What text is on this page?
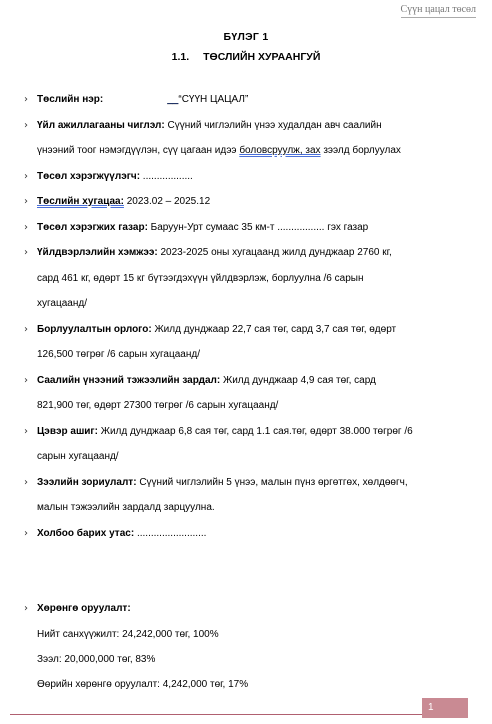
Сүүн цацал төсөл
БҮЛЭГ 1
1.1. ТӨСЛИЙН ХУРААНГУЙ
› Төслийн нэр:	__“СҮҮН ЦАЦАЛ”
› Үйл ажиллагааны чиглэл: Сүүний чиглэлийн үнээ худалдан авч саалийн
үнээний тоог нэмэгдүүлэн, сүү цагаан идээ боловсруулж, зах зээлд борлуулах
› Төсөл хэрэгжүүлэгч: ..................
› Төслийн хугацаа: 2023.02 – 2025.12
› Төсөл хэрэгжих газар: Баруун-Урт сумаас 35 км-т ................. гэх газар
› Үйлдвэрлэлийн хэмжээ: 2023-2025 оны хугацаанд жилд дунджаар 2760 кг,
сард 461 кг, өдөрт 15 кг бүтээгдэхүүн үйлдвэрлэж, борлуулна /6 сарын
хугацаанд/
› Борлуулалтын орлого: Жилд дунджаар 22,7 сая төг, сард 3,7 сая төг, өдөрт
126,500 төгрөг /6 сарын хугацаанд/
› Саалийн үнээний тэжээлийн зардал: Жилд дунджаар 4,9 сая төг, сард
821,900 төг, өдөрт 27300 төгрөг /6 сарын хугацаанд/
› Цэвэр ашиг: Жилд дунджаар 6,8 сая төг, сард 1.1 сая.төг, өдөрт 38.000 төгрөг /6
сарын хугацаанд/
› Зээлийн зориулалт: Сүүний чиглэлийн 5 үнээ, малын пүнз өргөтгөх, хөлдөөгч,
малын тэжээлийн зардалд зарцуулна.
› Холбоо барих утас: .........................
› Хөрөнгө оруулалт:
Нийт санхүүжилт: 24,242,000 төг, 100%
Зээл: 20,000,000 төг, 83%
Өөрийн хөрөнгө оруулалт: 4,242,000 төг, 17%
1
